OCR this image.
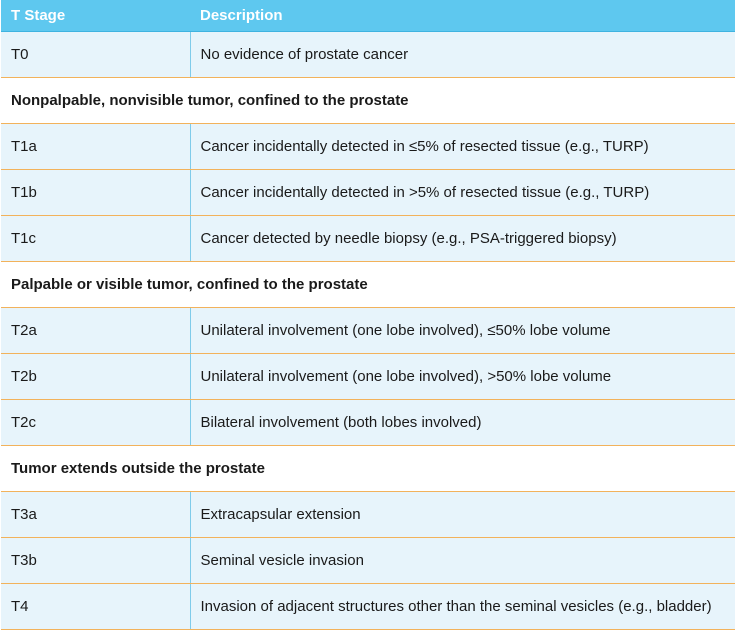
T Stage	Description
T0	No evidence of prostate cancer
Nonpalpable, nonvisible tumor, confined to the prostate	
T1a	Cancer incidentally detected in ≤5% of resected tissue (e.g., TURP)
T1b	Cancer incidentally detected in >5% of resected tissue (e.g., TURP)
T1c	Cancer detected by needle biopsy (e.g., PSA-triggered biopsy)
Palpable or visible tumor, confined to the prostate	
T2a	Unilateral involvement (one lobe involved), ≤50% lobe volume
T2b	Unilateral involvement (one lobe involved), >50% lobe volume
T2c	Bilateral involvement (both lobes involved)
Tumor extends outside the prostate	
T3a	Extracapsular extension
T3b	Seminal vesicle invasion
T4	Invasion of adjacent structures other than the seminal vesicles (e.g., bladder)
